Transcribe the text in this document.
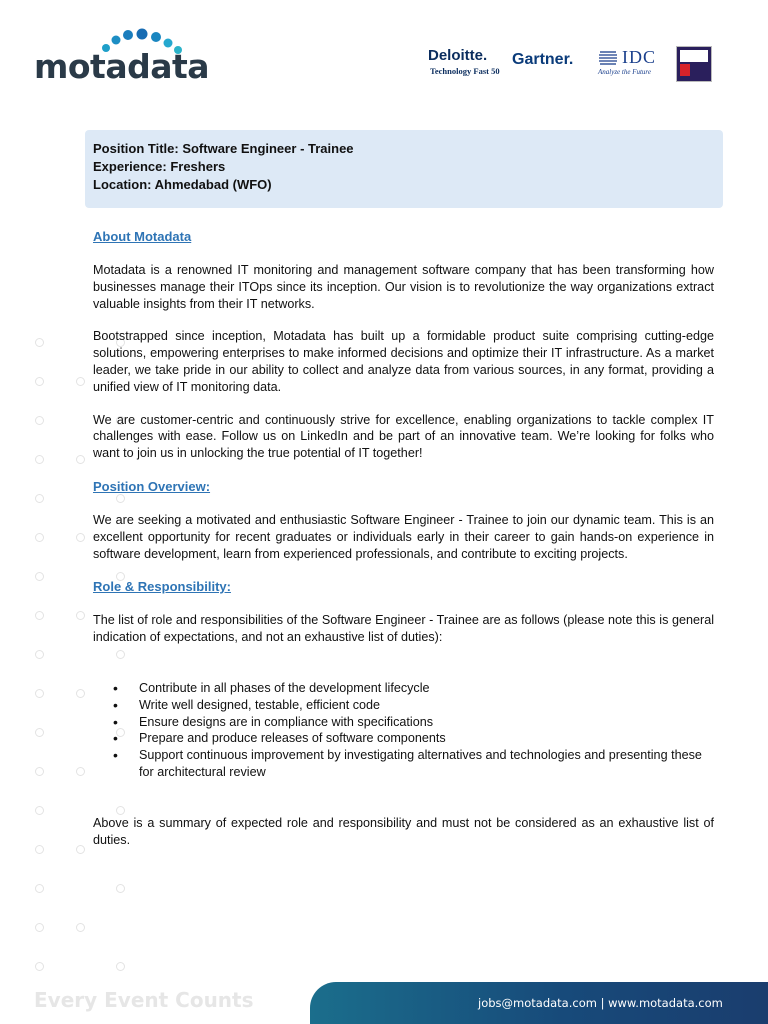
motadata	Deloitte.
Technology Fast 50
Gartner.	IDC
Analyze the Future
Position Title: Software Engineer - Trainee
Experience: Freshers
Location: Ahmedabad (WFO)
About Motadata

Motadata is a renowned IT monitoring and management software company that has been transforming how businesses manage their ITOps since its inception. Our vision is to revolutionize the way organizations extract valuable insights from their IT networks.

Bootstrapped since inception, Motadata has built up a formidable product suite comprising cutting-edge solutions, empowering enterprises to make informed decisions and optimize their IT infrastructure. As a market leader, we take pride in our ability to collect and analyze data from various sources, in any format, providing a unified view of IT monitoring data.

We are customer-centric and continuously strive for excellence, enabling organizations to tackle complex IT challenges with ease. Follow us on LinkedIn and be part of an innovative team. We’re looking for folks who want to join us in unlocking the true potential of IT together!

Position Overview:

We are seeking a motivated and enthusiastic Software Engineer - Trainee to join our dynamic team. This is an excellent opportunity for recent graduates or individuals early in their career to gain hands-on experience in software development, learn from experienced professionals, and contribute to exciting projects.

Role & Responsibility:

The list of role and responsibilities of the Software Engineer - Trainee are as follows (please note this is general indication of expectations, and not an exhaustive list of duties):

• Contribute in all phases of the development lifecycle
• Write well designed, testable, efficient code
• Ensure designs are in compliance with specifications
• Prepare and produce releases of software components
• Support continuous improvement by investigating alternatives and technologies and presenting these for architectural review

Above is a summary of expected role and responsibility and must not be considered as an exhaustive list of duties.

Every Event Counts	jobs@motadata.com | www.motadata.com
